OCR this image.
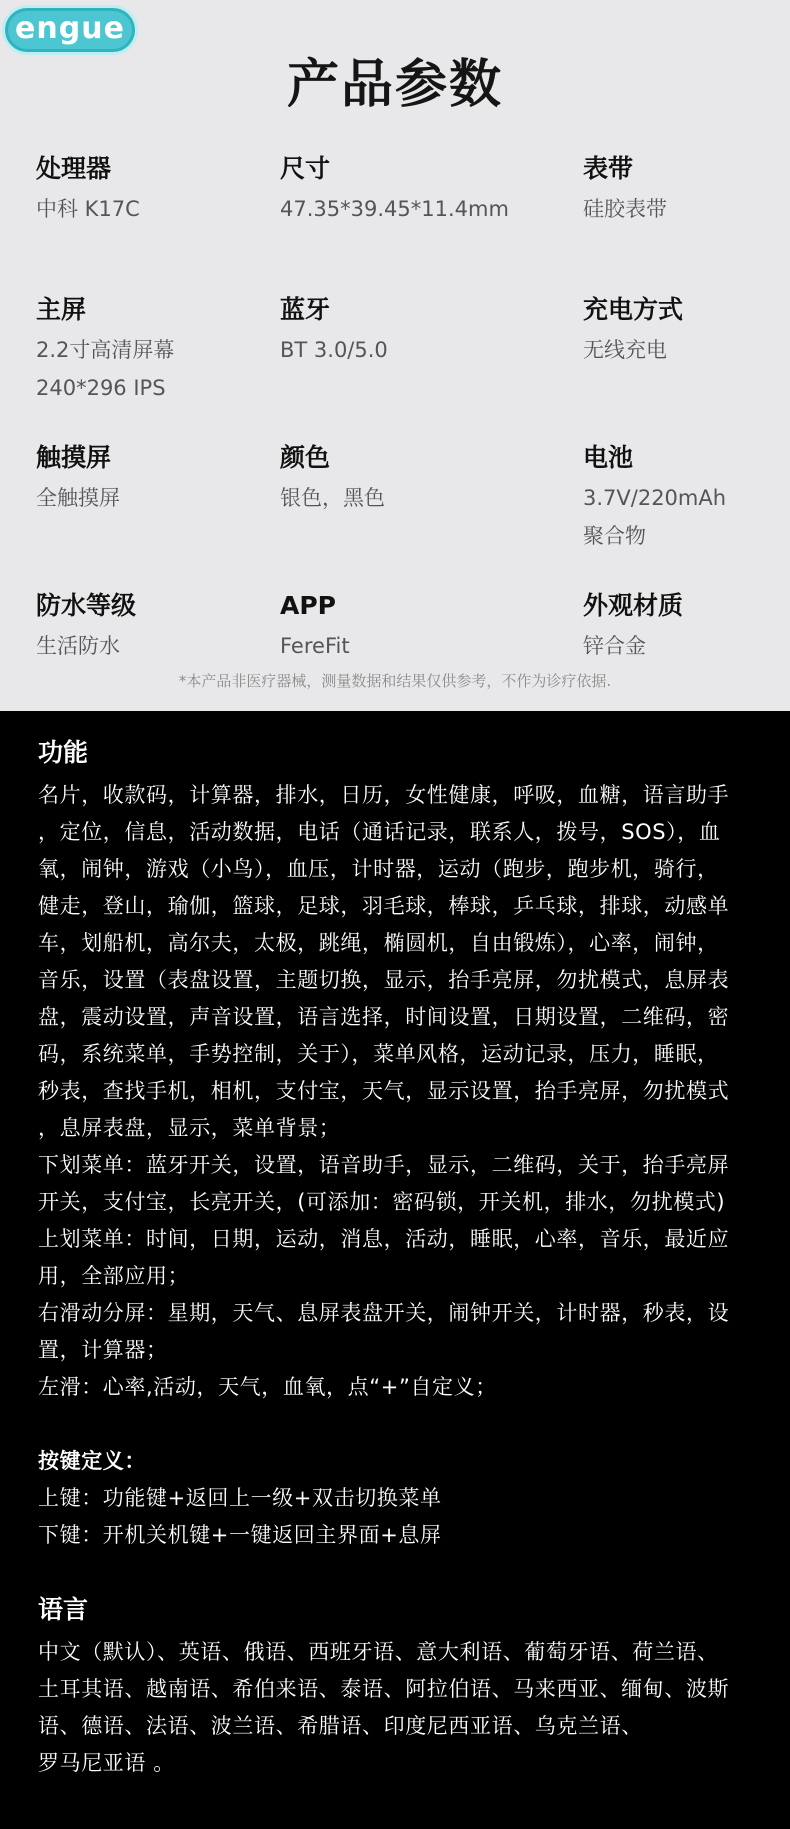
engue
产品参数
处理器
中科 K17C
尺寸
47.35*39.45*11.4mm
表带
硅胶表带
主屏
2.2寸高清屏幕
240*296 IPS
蓝牙
BT 3.0/5.0
充电方式
无线充电
触摸屏
全触摸屏
颜色
银色，黑色
电池
3.7V/220mAh
聚合物
防水等级
生活防水
APP
FereFit
外观材质
锌合金
*本产品非医疗器械，测量数据和结果仅供参考，不作为诊疗依据.
功能
名片，收款码，计算器，排水，日历，女性健康，呼吸，血糖，语言助手
，定位，信息，活动数据，电话（通话记录，联系人，拨号，SOS），血
氧，闹钟，游戏（小鸟），血压，计时器，运动（跑步，跑步机，骑行，
健走，登山，瑜伽，篮球，足球，羽毛球，棒球，乒乓球，排球，动感单
车，划船机，高尔夫，太极，跳绳，椭圆机，自由锻炼），心率，闹钟，
音乐，设置（表盘设置，主题切换，显示，抬手亮屏，勿扰模式，息屏表
盘，震动设置，声音设置，语言选择，时间设置，日期设置，二维码，密
码，系统菜单，手势控制，关于），菜单风格，运动记录，压力，睡眠，
秒表，查找手机，相机，支付宝，天气，显示设置，抬手亮屏，勿扰模式
，息屏表盘，显示，菜单背景；
下划菜单：蓝牙开关，设置，语音助手，显示，二维码，关于，抬手亮屏
开关，支付宝，长亮开关，(可添加：密码锁，开关机，排水，勿扰模式)
上划菜单：时间，日期，运动，消息，活动，睡眠，心率，音乐，最近应
用，全部应用；
右滑动分屏：星期，天气、息屏表盘开关，闹钟开关，计时器，秒表，设
置，计算器；
左滑：心率,活动，天气，血氧，点“+”自定义；
按键定义：
上键：功能键+返回上一级+双击切换菜单
下键：开机关机键+一键返回主界面+息屏
语言
中文（默认）、英语、俄语、西班牙语、意大利语、葡萄牙语、荷兰语、
土耳其语、越南语、希伯来语、泰语、阿拉伯语、马来西亚、缅甸、波斯
语、德语、法语、波兰语、希腊语、印度尼西亚语、乌克兰语、
罗马尼亚语 。
